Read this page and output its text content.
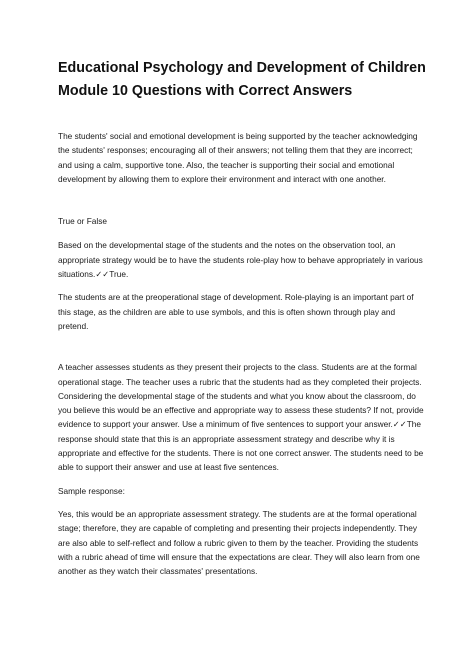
Educational Psychology and Development of Children Module 10 Questions with Correct Answers

The students' social and emotional development is being supported by the teacher acknowledging the students' responses; encouraging all of their answers; not telling them that they are incorrect; and using a calm, supportive tone. Also, the teacher is supporting their social and emotional development by allowing them to explore their environment and interact with one another.

True or False

Based on the developmental stage of the students and the notes on the observation tool, an appropriate strategy would be to have the students role-play how to behave appropriately in various situations.✓✓True.

The students are at the preoperational stage of development. Role-playing is an important part of this stage, as the children are able to use symbols, and this is often shown through play and pretend.

A teacher assesses students as they present their projects to the class. Students are at the formal operational stage. The teacher uses a rubric that the students had as they completed their projects. Considering the developmental stage of the students and what you know about the classroom, do you believe this would be an effective and appropriate way to assess these students? If not, provide evidence to support your answer. Use a minimum of five sentences to support your answer.✓✓The response should state that this is an appropriate assessment strategy and describe why it is appropriate and effective for the students. There is not one correct answer. The students need to be able to support their answer and use at least five sentences.

Sample response:

Yes, this would be an appropriate assessment strategy. The students are at the formal operational stage; therefore, they are capable of completing and presenting their projects independently. They are also able to self-reflect and follow a rubric given to them by the teacher. Providing the students with a rubric ahead of time will ensure that the expectations are clear. They will also learn from one another as they watch their classmates' presentations.
